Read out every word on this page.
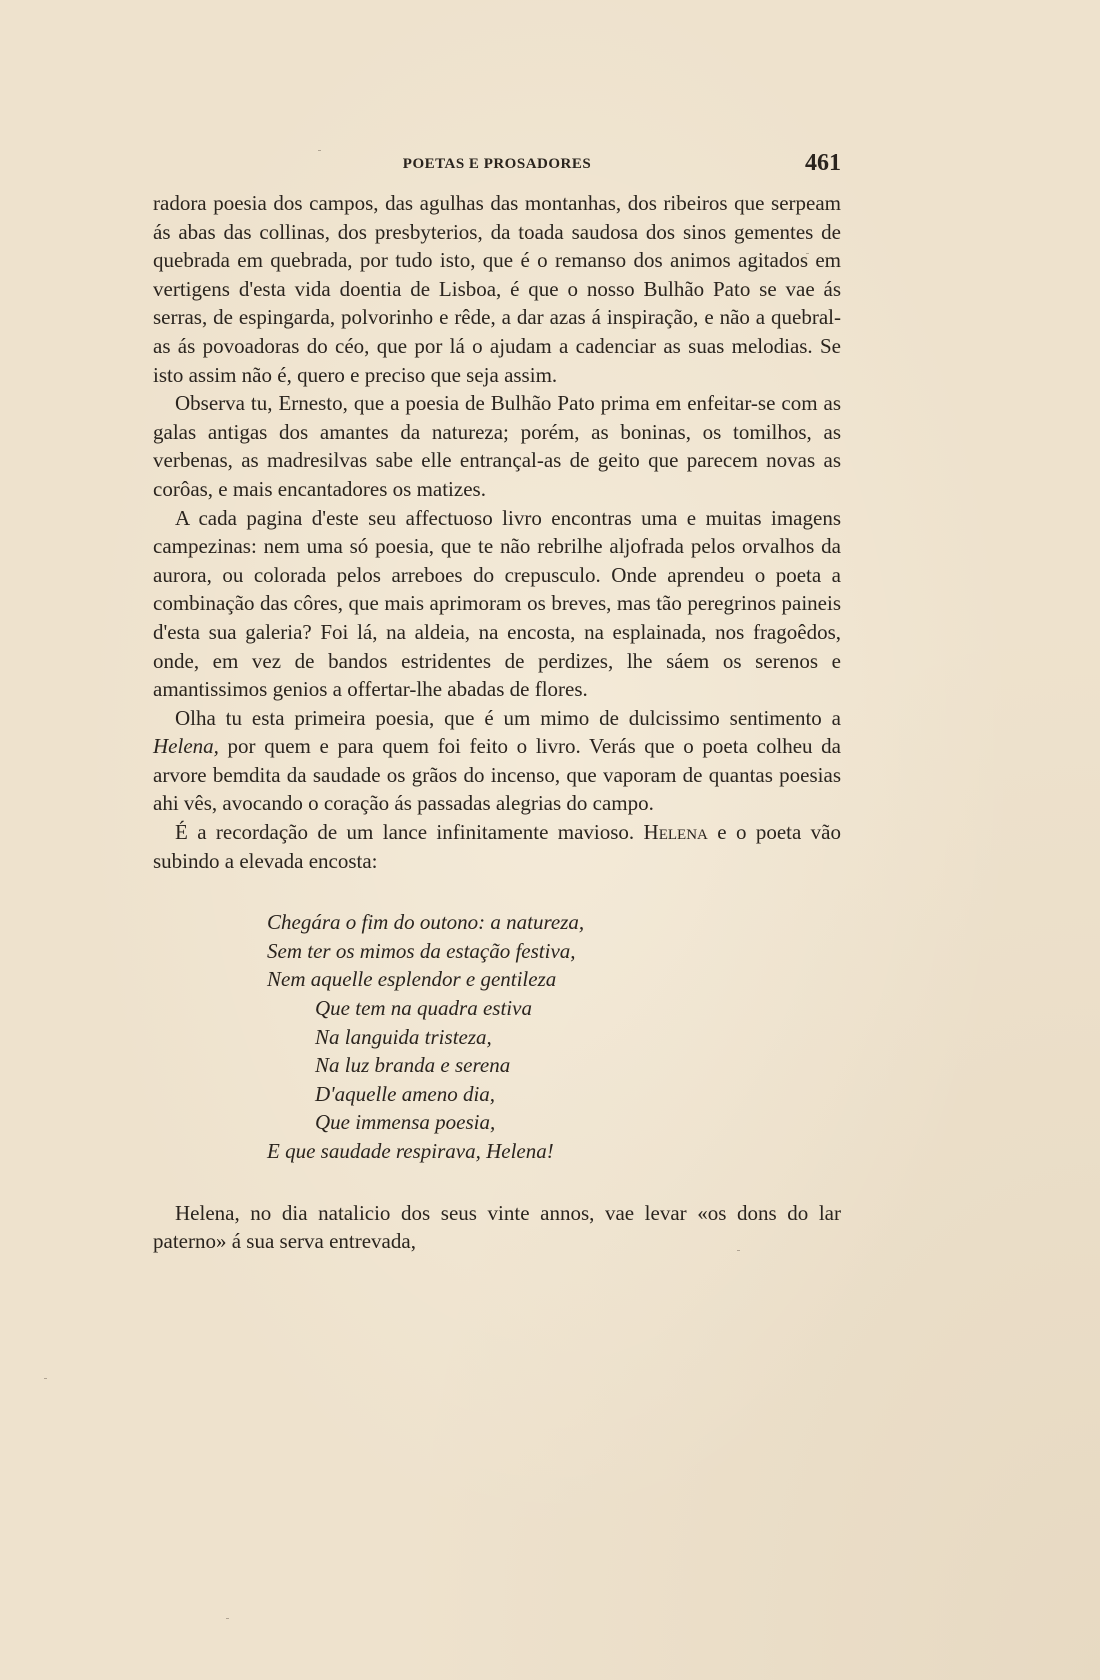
POETAS E PROSADORES	461

radora poesia dos campos, das agulhas das montanhas, dos ribeiros que serpeam ás abas das collinas, dos presbyterios, da toada saudosa dos sinos gementes de quebrada em quebrada, por tudo isto, que é o remanso dos animos agitados em vertigens d'esta vida doentia de Lisboa, é que o nosso Bulhão Pato se vae ás serras, de espingarda, polvorinho e rêde, a dar azas á inspiração, e não a quebral-as ás povoadoras do céo, que por lá o ajudam a cadenciar as suas melodias. Se isto assim não é, quero e preciso que seja assim.

Observa tu, Ernesto, que a poesia de Bulhão Pato prima em enfeitar-se com as galas antigas dos amantes da natureza; porém, as boninas, os tomilhos, as verbenas, as madresilvas sabe elle entrançal-as de geito que parecem novas as corôas, e mais encantadores os matizes.

A cada pagina d'este seu affectuoso livro encontras uma e muitas imagens campezinas: nem uma só poesia, que te não rebrilhe aljofrada pelos orvalhos da aurora, ou colorada pelos arreboes do crepusculo. Onde aprendeu o poeta a combinação das côres, que mais aprimoram os breves, mas tão peregrinos paineis d'esta sua galeria? Foi lá, na aldeia, na encosta, na esplainada, nos fragoêdos, onde, em vez de bandos estridentes de perdizes, lhe sáem os serenos e amantissimos genios a offertar-lhe abadas de flores.

Olha tu esta primeira poesia, que é um mimo de dulcissimo sentimento a Helena, por quem e para quem foi feito o livro. Verás que o poeta colheu da arvore bemdita da saudade os grãos do incenso, que vaporam de quantas poesias ahi vês, avocando o coração ás passadas alegrias do campo.

É a recordação de um lance infinitamente mavioso. Helena e o poeta vão subindo a elevada encosta:

Chegára o fim do outono: a natureza,
Sem ter os mimos da estação festiva,
Nem aquelle esplendor e gentileza
Que tem na quadra estiva
Na languida tristeza,
Na luz branda e serena
D'aquelle ameno dia,
Que immensa poesia,
E que saudade respirava, Helena!

Helena, no dia natalicio dos seus vinte annos, vae levar «os dons do lar paterno» á sua serva entrevada,
